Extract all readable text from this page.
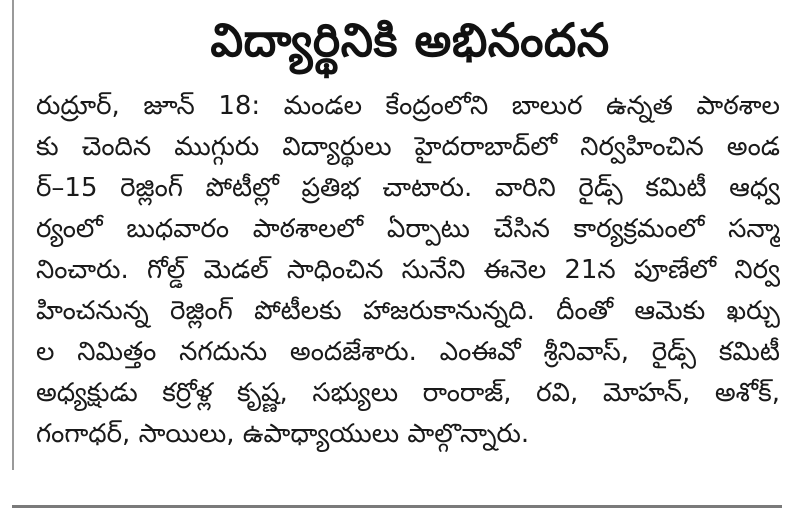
విద్యార్థినికి అభినందన
రుద్రూర్, జూన్ 18: మండల కేంద్రంలోని బాలుర ఉన్నత పాఠశాల
కు చెందిన ముగ్గురు విద్యార్థులు హైదరాబాద్‌లో నిర్వహించిన అండ
ర్–15 రెజ్లింగ్ పోటీల్లో ప్రతిభ చాటారు. వారిని రైడ్స్ కమిటీ ఆధ్వ
ర్యంలో బుధవారం పాఠశాలలో ఏర్పాటు చేసిన కార్యక్రమంలో సన్మా
నించారు. గోల్డ్ మెడల్ సాధించిన సునేని ఈనెల 21న పూణేలో నిర్వ
హించనున్న రెజ్లింగ్ పోటీలకు హాజరుకానున్నది. దీంతో ఆమెకు ఖర్చు
ల నిమిత్తం నగదును అందజేశారు. ఎంఈవో శ్రీనివాస్, రైడ్స్ కమిటీ
అధ్యక్షుడు కర్రోళ్ల కృష్ణ, సభ్యులు రాంరాజ్, రవి, మోహన్, అశోక్,
గంగాధర్, సాయిలు, ఉపాధ్యాయులు పాల్గొన్నారు.
